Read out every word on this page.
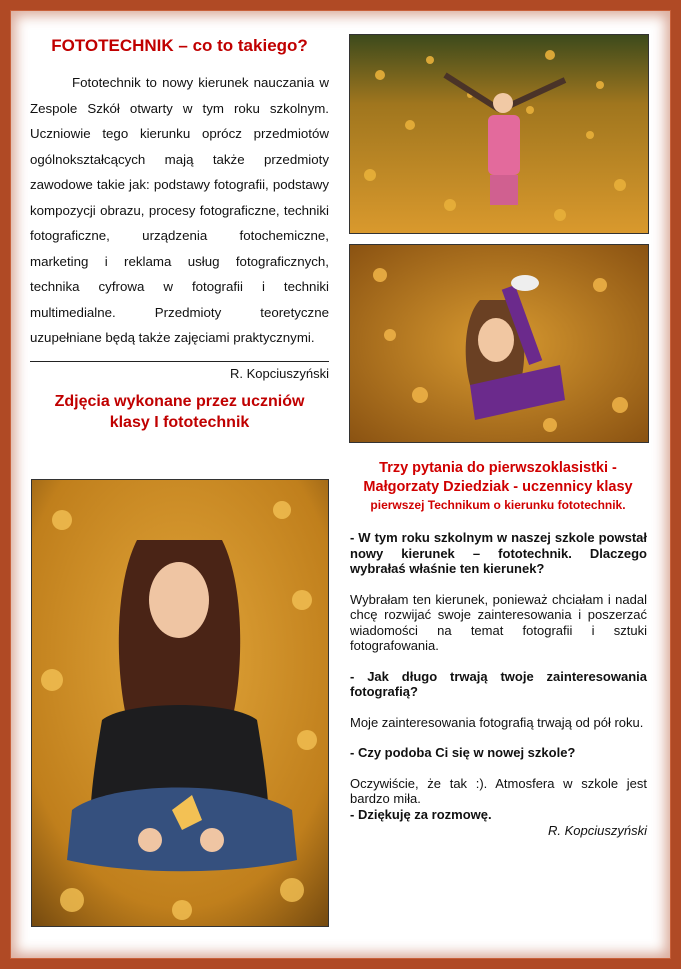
FOTOTECHNIK – co to takiego?

Fototechnik to nowy kierunek nauczania w Zespole Szkół otwarty w tym roku szkolnym. Uczniowie tego kierunku oprócz przedmiotów ogólnokształcących mają także przedmioty zawodowe takie jak: podstawy fotografii, podstawy kompozycji obrazu, procesy fotograficzne, techniki fotograficzne, urządzenia fotochemiczne, marketing i reklama usług fotograficznych, technika cyfrowa w fotografii i techniki multimedialne. Przedmioty teoretyczne uzupełniane będą także zajęciami praktycznymi.

R. Kopciuszyński
Zdjęcia wykonane przez uczniów
klasy I fototechnik
Trzy pytania do pierwszoklasistki -
Małgorzaty Dziedziak - uczennicy klasy
pierwszej Technikum o kierunku fototechnik.

- W tym roku szkolnym w naszej szkole powstał nowy kierunek – fototechnik. Dlaczego wybrałaś właśnie ten kierunek?

Wybrałam ten kierunek, ponieważ chciałam i nadal chcę rozwijać swoje zainteresowania i poszerzać wiadomości na temat fotografii i sztuki fotografowania.

- Jak długo trwają twoje zainteresowania fotografią?

Moje zainteresowania fotografią trwają od pół roku.

- Czy podoba Ci się w nowej szkole?

Oczywiście, że tak :). Atmosfera w szkole jest bardzo miła.

- Dziękuję za rozmowę.

R. Kopciuszyński
